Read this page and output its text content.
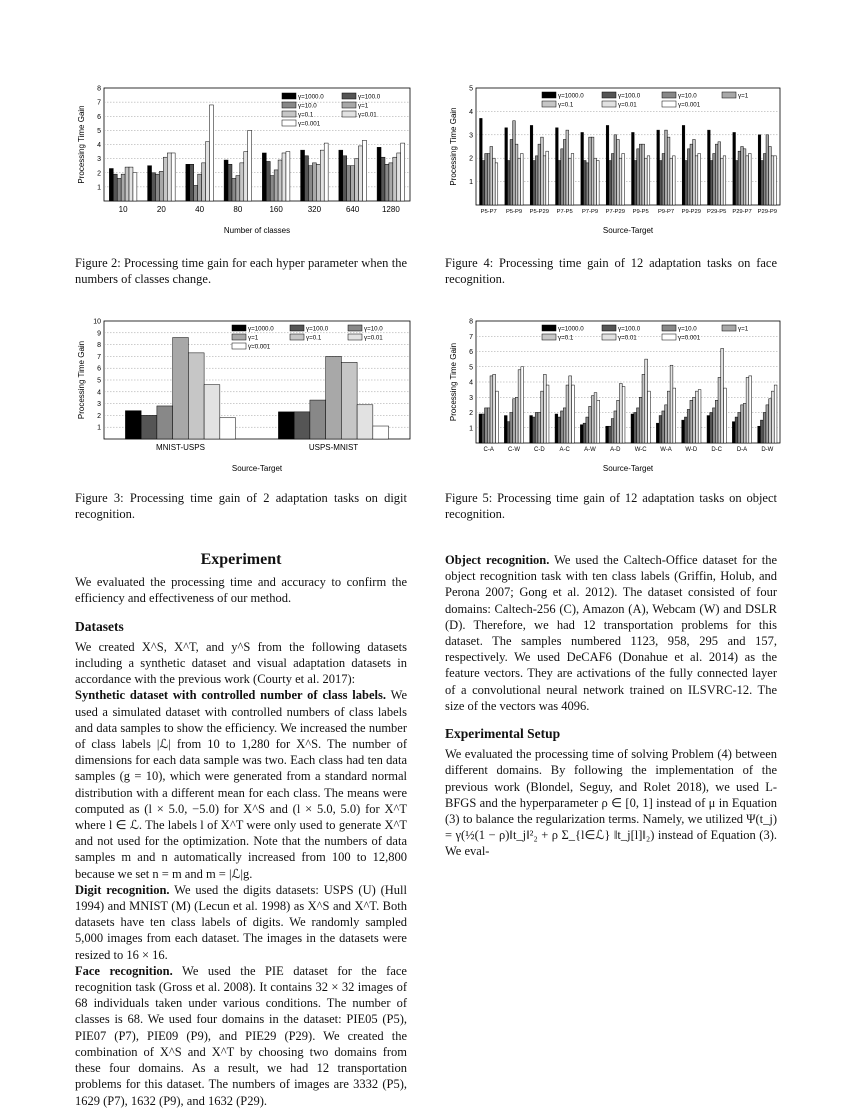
1
2
3
4
5
6
7
8
Processing Time Gain
Number of classes
10	20	40	80	160	320	640	1280
γ=1000.0	γ=100.0
γ=10.0	γ=1
γ=0.1	γ=0.01
γ=0.001
Figure 2: Processing time gain for each hyper parameter when the numbers of classes change.
1
2
3
4
5
Processing Time Gain
Source-Target
P5-P7 P5-P9 P5-P29 P7-P5 P7-P9 P7-P29 P9-P5 P9-P7 P9-P29 P29-P5 P29-P7 P29-P9
γ=1000.0	γ=100.0	γ=10.0	γ=1
γ=0.1	γ=0.01	γ=0.001
Figure 4: Processing time gain of 12 adaptation tasks on face recognition.
1
2
3
4
5
6
7
8
9
10
Processing Time Gain
Source-Target
MNIST-USPS	USPS-MNIST
γ=1000.0	γ=100.0	γ=10.0
γ=1	γ=0.1	γ=0.01
γ=0.001
Figure 3: Processing time gain of 2 adaptation tasks on digit recognition.
1
2
3
4
5
6
7
8
Processing Time Gain
Source-Target
C-A C-W C-D A-C A-W A-D W-C W-A W-D D-C D-A D-W
γ=1000.0	γ=100.0	γ=10.0	γ=1
γ=0.1	γ=0.01	γ=0.001
Figure 5: Processing time gain of 12 adaptation tasks on object recognition.
Experiment

We evaluated the processing time and accuracy to confirm the efficiency and effectiveness of our method.

Datasets

We created X^S, X^T, and y^S from the following datasets including a synthetic dataset and visual adaptation datasets in accordance with the previous work (Courty et al. 2017):

Synthetic dataset with controlled number of class labels. We used a simulated dataset with controlled numbers of class labels and data samples to show the efficiency. We increased the number of class labels |ℒ| from 10 to 1,280 for X^S. The number of dimensions for each data sample was two. Each class had ten data samples (g = 10), which were generated from a standard normal distribution with a different mean for each class. The means were computed as (l × 5.0, −5.0) for X^S and (l × 5.0, 5.0) for X^T where l ∈ ℒ. The labels l of X^T were only used to generate X^T and not used for the optimization. Note that the numbers of data samples m and n automatically increased from 100 to 12,800 because we set n = m and m = |ℒ|g.

Digit recognition. We used the digits datasets: USPS (U) (Hull 1994) and MNIST (M) (Lecun et al. 1998) as X^S and X^T. Both datasets have ten class labels of digits. We randomly sampled 5,000 images from each dataset. The images in the datasets were resized to 16 × 16.

Face recognition. We used the PIE dataset for the face recognition task (Gross et al. 2008). It contains 32 × 32 images of 68 individuals taken under various conditions. The number of classes is 68. We used four domains in the dataset: PIE05 (P5), PIE07 (P7), PIE09 (P9), and PIE29 (P29). We created the combination of X^S and X^T by choosing two domains from these four domains. As a result, we had 12 transportation problems for this dataset. The numbers of images are 3332 (P5), 1629 (P7), 1632 (P9), and 1632 (P29).

Object recognition. We used the Caltech-Office dataset for the object recognition task with ten class labels (Griffin, Holub, and Perona 2007; Gong et al. 2012). The dataset consisted of four domains: Caltech-256 (C), Amazon (A), Webcam (W) and DSLR (D). Therefore, we had 12 transportation problems for this dataset. The samples numbered 1123, 958, 295 and 157, respectively. We used DeCAF6 (Donahue et al. 2014) as the feature vectors. They are activations of the fully connected layer of a convolutional neural network trained on ILSVRC-12. The size of the vectors was 4096.

Experimental Setup

We evaluated the processing time of solving Problem (4) between different domains. By following the implementation of the previous work (Blondel, Seguy, and Rolet 2018), we used L-BFGS and the hyperparameter ρ ∈ [0, 1] instead of μ in Equation (3) to balance the regularization terms. Namely, we utilized Ψ(t_j) = γ(½(1 − ρ)‖t_j‖²₂ + ρ Σ_{l∈ℒ} ‖t_j[l]‖₂) instead of Equation (3). We eval-
